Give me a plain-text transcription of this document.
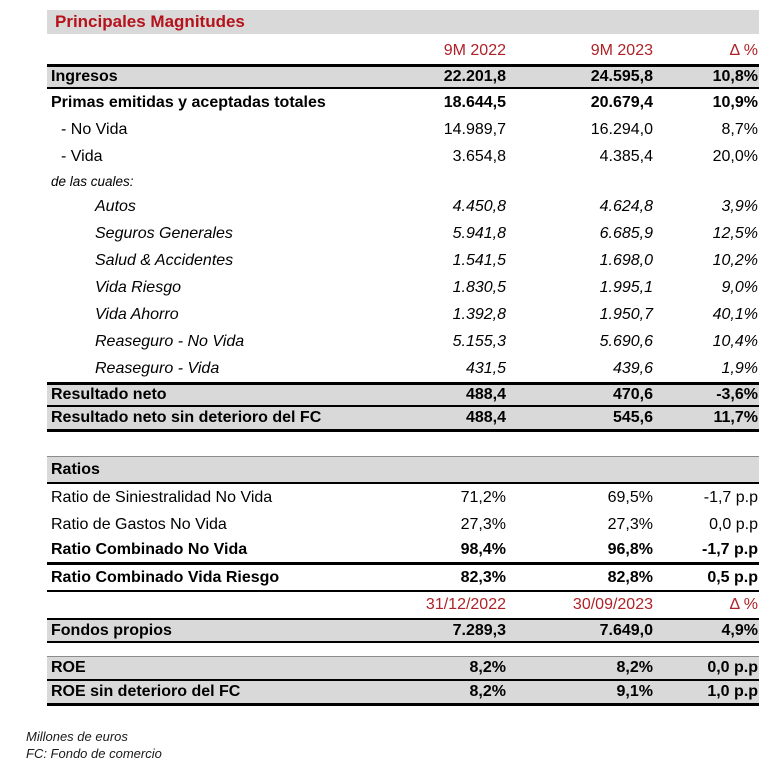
Principales Magnitudes
9M 2022	9M 2023	Δ %
Ingresos	22.201,8	24.595,8	10,8%
Primas emitidas y aceptadas totales	18.644,5	20.679,4	10,9%
- No Vida	14.989,7	16.294,0	8,7%
- Vida	3.654,8	4.385,4	20,0%
de las cuales:
Autos	4.450,8	4.624,8	3,9%
Seguros Generales	5.941,8	6.685,9	12,5%
Salud & Accidentes	1.541,5	1.698,0	10,2%
Vida Riesgo	1.830,5	1.995,1	9,0%
Vida Ahorro	1.392,8	1.950,7	40,1%
Reaseguro - No Vida	5.155,3	5.690,6	10,4%
Reaseguro - Vida	431,5	439,6	1,9%
Resultado neto	488,4	470,6	-3,6%
Resultado neto sin deterioro del FC	488,4	545,6	11,7%
Ratios
Ratio de Siniestralidad No Vida	71,2%	69,5%	-1,7 p.p
Ratio de Gastos No Vida	27,3%	27,3%	0,0 p.p
Ratio Combinado No Vida	98,4%	96,8%	-1,7 p.p
Ratio Combinado Vida Riesgo	82,3%	82,8%	0,5 p.p
31/12/2022	30/09/2023	Δ %
Fondos propios	7.289,3	7.649,0	4,9%
ROE	8,2%	8,2%	0,0 p.p
ROE sin deterioro del FC	8,2%	9,1%	1,0 p.p
Millones de euros
FC: Fondo de comercio
